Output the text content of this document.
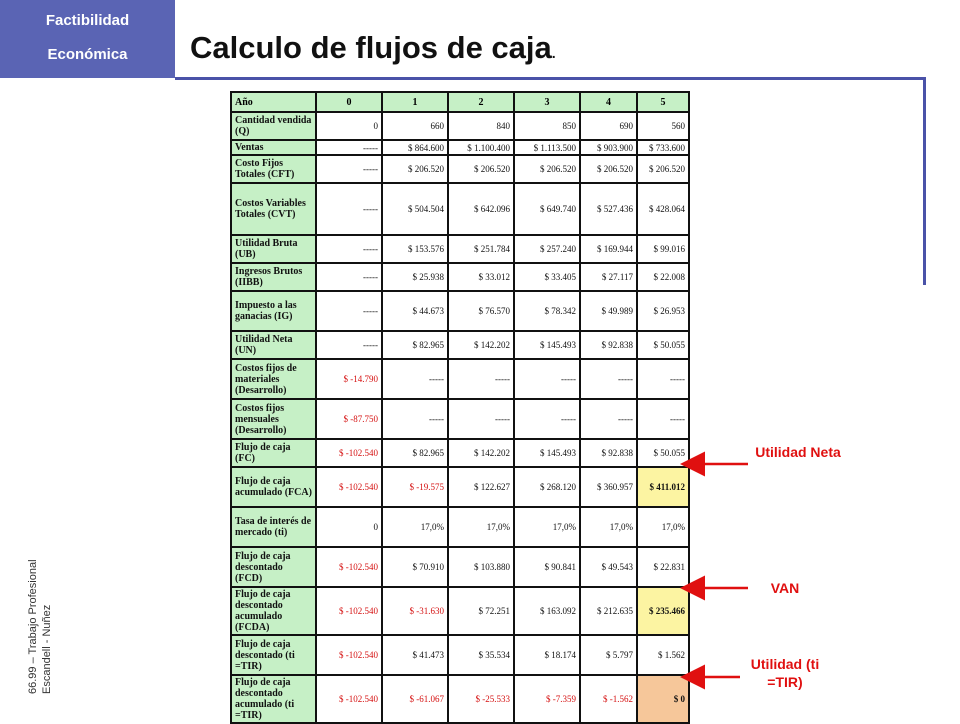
Factibilidad
Económica	Calculo de flujos de caja.
66.99 – Trabajo Profesional Escandell - Nuñez
Año	0	1	2	3	4	5
Cantidad vendida (Q)	0	660	840	850	690	560
Ventas	-----	$ 864.600	$ 1.100.400	$ 1.113.500	$ 903.900	$ 733.600
Costo Fijos Totales (CFT)	-----	$ 206.520	$ 206.520	$ 206.520	$ 206.520	$ 206.520
Costos Variables Totales (CVT)	-----	$ 504.504	$ 642.096	$ 649.740	$ 527.436	$ 428.064
Utilidad Bruta (UB)	-----	$ 153.576	$ 251.784	$ 257.240	$ 169.944	$ 99.016
Ingresos Brutos (IIBB)	-----	$ 25.938	$ 33.012	$ 33.405	$ 27.117	$ 22.008
Impuesto a las ganacias (IG)	-----	$ 44.673	$ 76.570	$ 78.342	$ 49.989	$ 26.953
Utilidad Neta (UN)	-----	$ 82.965	$ 142.202	$ 145.493	$ 92.838	$ 50.055
Costos fijos de materiales (Desarrollo)	$ -14.790	-----	-----	-----	-----	-----
Costos fijos mensuales (Desarrollo)	$ -87.750	-----	-----	-----	-----	-----
Flujo de caja (FC)	$ -102.540	$ 82.965	$ 142.202	$ 145.493	$ 92.838	$ 50.055
Flujo de caja acumulado (FCA)	$ -102.540	$ -19.575	$ 122.627	$ 268.120	$ 360.957	$ 411.012
Tasa de interés de mercado (ti)	0	17,0%	17,0%	17,0%	17,0%	17,0%
Flujo de caja descontado (FCD)	$ -102.540	$ 70.910	$ 103.880	$ 90.841	$ 49.543	$ 22.831
Flujo de caja descontado acumulado (FCDA)	$ -102.540	$ -31.630	$ 72.251	$ 163.092	$ 212.635	$ 235.466
Flujo de caja descontado (ti =TIR)	$ -102.540	$ 41.473	$ 35.534	$ 18.174	$ 5.797	$ 1.562
Flujo de caja descontado acumulado (ti =TIR)	$ -102.540	$ -61.067	$ -25.533	$ -7.359	$ -1.562	$ 0
Utilidad Neta
VAN
Utilidad (ti =TIR)
